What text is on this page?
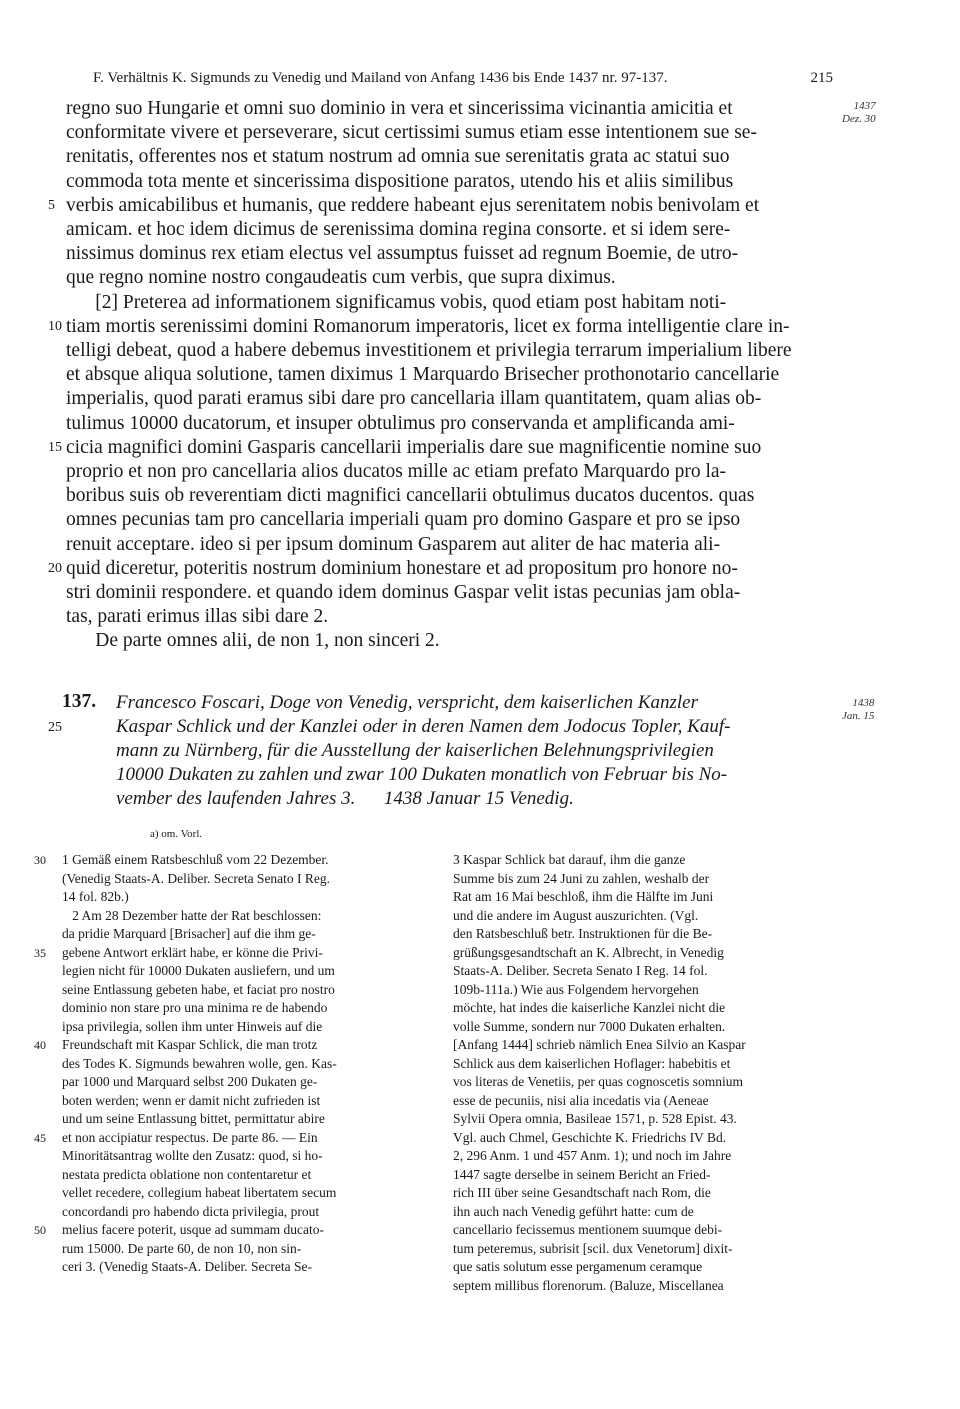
F. Verhältnis K. Sigmunds zu Venedig und Mailand von Anfang 1436 bis Ende 1437 nr. 97-137.	215
1437
Dez. 30
regno suo Hungarie et omni suo dominio in vera et sincerissima vicinantia amicitia et
conformitate vivere et perseverare, sicut certissimi sumus etiam esse intentionem sue se-
renitatis, offerentes nos et statum nostrum ad omnia sue serenitatis grata ac statui suo
commoda tota mente et sincerissima dispositione paratos, utendo his et aliis similibus
5 verbis amicabilibus et humanis, que reddere habeant ejus serenitatem nobis benivolam et
amicam. et hoc idem dicimus de serenissima domina regina consorte. et si idem sere-
nissimus dominus rex etiam electus vel assumptus fuisset ad regnum Boemie, de utro-
que regno nomine nostro congaudeatis cum verbis, que supra diximus.
[2] Preterea ad informationem significamus vobis, quod etiam post habitam noti-
10 tiam mortis serenissimi domini Romanorum imperatoris, licet ex forma intelligentie clare in-
telligi debeat, quod a habere debemus investitionem et privilegia terrarum imperialium libere
et absque aliqua solutione, tamen diximus 1 Marquardo Brisecher prothonotario cancellarie
imperialis, quod parati eramus sibi dare pro cancellaria illam quantitatem, quam alias ob-
tulimus 10000 ducatorum, et insuper obtulimus pro conservanda et amplificanda ami-
15 cicia magnifici domini Gasparis cancellarii imperialis dare sue magnificentie nomine suo
proprio et non pro cancellaria alios ducatos mille ac etiam prefato Marquardo pro la-
boribus suis ob reverentiam dicti magnifici cancellarii obtulimus ducatos ducentos. quas
omnes pecunias tam pro cancellaria imperiali quam pro domino Gaspare et pro se ipso
renuit acceptare. ideo si per ipsum dominum Gasparem aut aliter de hac materia ali-
20 quid diceretur, poteritis nostrum dominium honestare et ad propositum pro honore no-
stri dominii respondere. et quando idem dominus Gaspar velit istas pecunias jam obla-
tas, parati erimus illas sibi dare 2.
De parte omnes alii, de non 1, non sinceri 2.
137.
25
Francesco Foscari, Doge von Venedig, verspricht, dem kaiserlichen Kanzler
Kaspar Schlick und der Kanzlei oder in deren Namen dem Jodocus Topler, Kauf-
mann zu Nürnberg, für die Ausstellung der kaiserlichen Belehnungsprivilegien
10000 Dukaten zu zahlen und zwar 100 Dukaten monatlich von Februar bis No-
vember des laufenden Jahres 3.      1438 Januar 15 Venedig.
1438
Jan. 15
a) om. Vorl.
30 1 Gemäß einem Ratsbeschluß vom 22 Dezember.
(Venedig Staats-A. Deliber. Secreta Senato I Reg.
14 fol. 82b.)
2 Am 28 Dezember hatte der Rat beschlossen:
da pridie Marquard [Brisacher] auf die ihm ge-
35 gebene Antwort erklärt habe, er könne die Privi-
legien nicht für 10000 Dukaten ausliefern, und um
seine Entlassung gebeten habe, et faciat pro nostro
dominio non stare pro una minima re de habendo
ipsa privilegia, sollen ihm unter Hinweis auf die
40 Freundschaft mit Kaspar Schlick, die man trotz
des Todes K. Sigmunds bewahren wolle, gen. Kas-
par 1000 und Marquard selbst 200 Dukaten ge-
boten werden; wenn er damit nicht zufrieden ist
und um seine Entlassung bittet, permittatur abire
45 et non accipiatur respectus. De parte 86. — Ein
Minoritätsantrag wollte den Zusatz: quod, si ho-
nestata predicta oblatione non contentaretur et
vellet recedere, collegium habeat libertatem secum
concordandi pro habendo dicta privilegia, prout
50 melius facere poterit, usque ad summam ducato-
rum 15000. De parte 60, de non 10, non sin-
ceri 3. (Venedig Staats-A. Deliber. Secreta Se-
3 Kaspar Schlick bat darauf, ihm die ganze
Summe bis zum 24 Juni zu zahlen, weshalb der
Rat am 16 Mai beschloß, ihm die Hälfte im Juni
und die andere im August auszurichten. (Vgl.
den Ratsbeschluß betr. Instruktionen für die Be-
grüßungsgesandtschaft an K. Albrecht, in Venedig
Staats-A. Deliber. Secreta Senato I Reg. 14 fol.
109b-111a.) Wie aus Folgendem hervorgehen
möchte, hat indes die kaiserliche Kanzlei nicht die
volle Summe, sondern nur 7000 Dukaten erhalten.
[Anfang 1444] schrieb nämlich Enea Silvio an Kaspar
Schlick aus dem kaiserlichen Hoflager: habebitis et
vos literas de Venetiis, per quas cognoscetis somnium
esse de pecuniis, nisi alia incedatis via (Aeneae
Sylvii Opera omnia, Basileae 1571, p. 528 Epist. 43.
Vgl. auch Chmel, Geschichte K. Friedrichs IV Bd.
2, 296 Anm. 1 und 457 Anm. 1); und noch im Jahre
1447 sagte derselbe in seinem Bericht an Fried-
rich III über seine Gesandtschaft nach Rom, die
ihn auch nach Venedig geführt hatte: cum de
cancellario fecissemus mentionem suumque debi-
tum peteremus, subrisit [scil. dux Venetorum] dixit-
que satis solutum esse pergamenum ceramque
septem millibus florenorum. (Baluze, Miscellanea
